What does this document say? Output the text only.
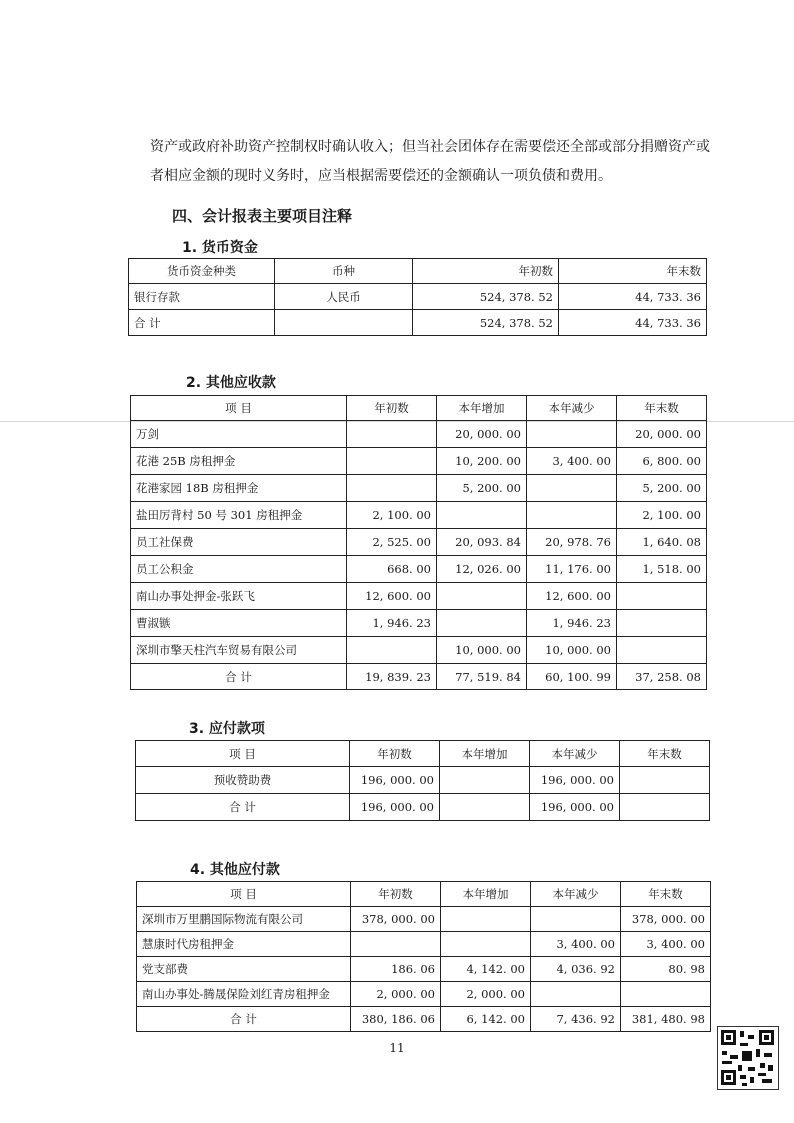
资产或政府补助资产控制权时确认收入；但当社会团体存在需要偿还全部或部分捐赠资产或
者相应金额的现时义务时，应当根据需要偿还的金额确认一项负债和费用。
四、会计报表主要项目注释
1. 货币资金
货币资金种类	币种	年初数	年末数
银行存款	人民币	524, 378. 52	44, 733. 36
合 计		524, 378. 52	44, 733. 36
2. 其他应收款
项 目	年初数	本年增加	本年减少	年末数
万剑		20, 000. 00		20, 000. 00
花港 25B 房租押金		10, 200. 00	3, 400. 00	6, 800. 00
花港家园 18B 房租押金		5, 200. 00		5, 200. 00
盐田厉背村 50 号 301 房租押金	2, 100. 00			2, 100. 00
员工社保费	2, 525. 00	20, 093. 84	20, 978. 76	1, 640. 08
员工公积金	668. 00	12, 026. 00	11, 176. 00	1, 518. 00
南山办事处押金-张跃飞	12, 600. 00		12, 600. 00	
曹淑镞	1, 946. 23		1, 946. 23	
深圳市擎天柱汽车贸易有限公司		10, 000. 00	10, 000. 00	
合 计	19, 839. 23	77, 519. 84	60, 100. 99	37, 258. 08
3. 应付款项
项 目	年初数	本年增加	本年减少	年末数
预收赞助费	196, 000. 00		196, 000. 00	
合 计	196, 000. 00		196, 000. 00	
4. 其他应付款
项 目	年初数	本年增加	本年减少	年末数
深圳市万里鹏国际物流有限公司	378, 000. 00			378, 000. 00
慧康时代房租押金			3, 400. 00	3, 400. 00
党支部费	186. 06	4, 142. 00	4, 036. 92	80. 98
南山办事处-腾晟保险刘红青房租押金	2, 000. 00	2, 000. 00		
合 计	380, 186. 06	6, 142. 00	7, 436. 92	381, 480. 98
11
